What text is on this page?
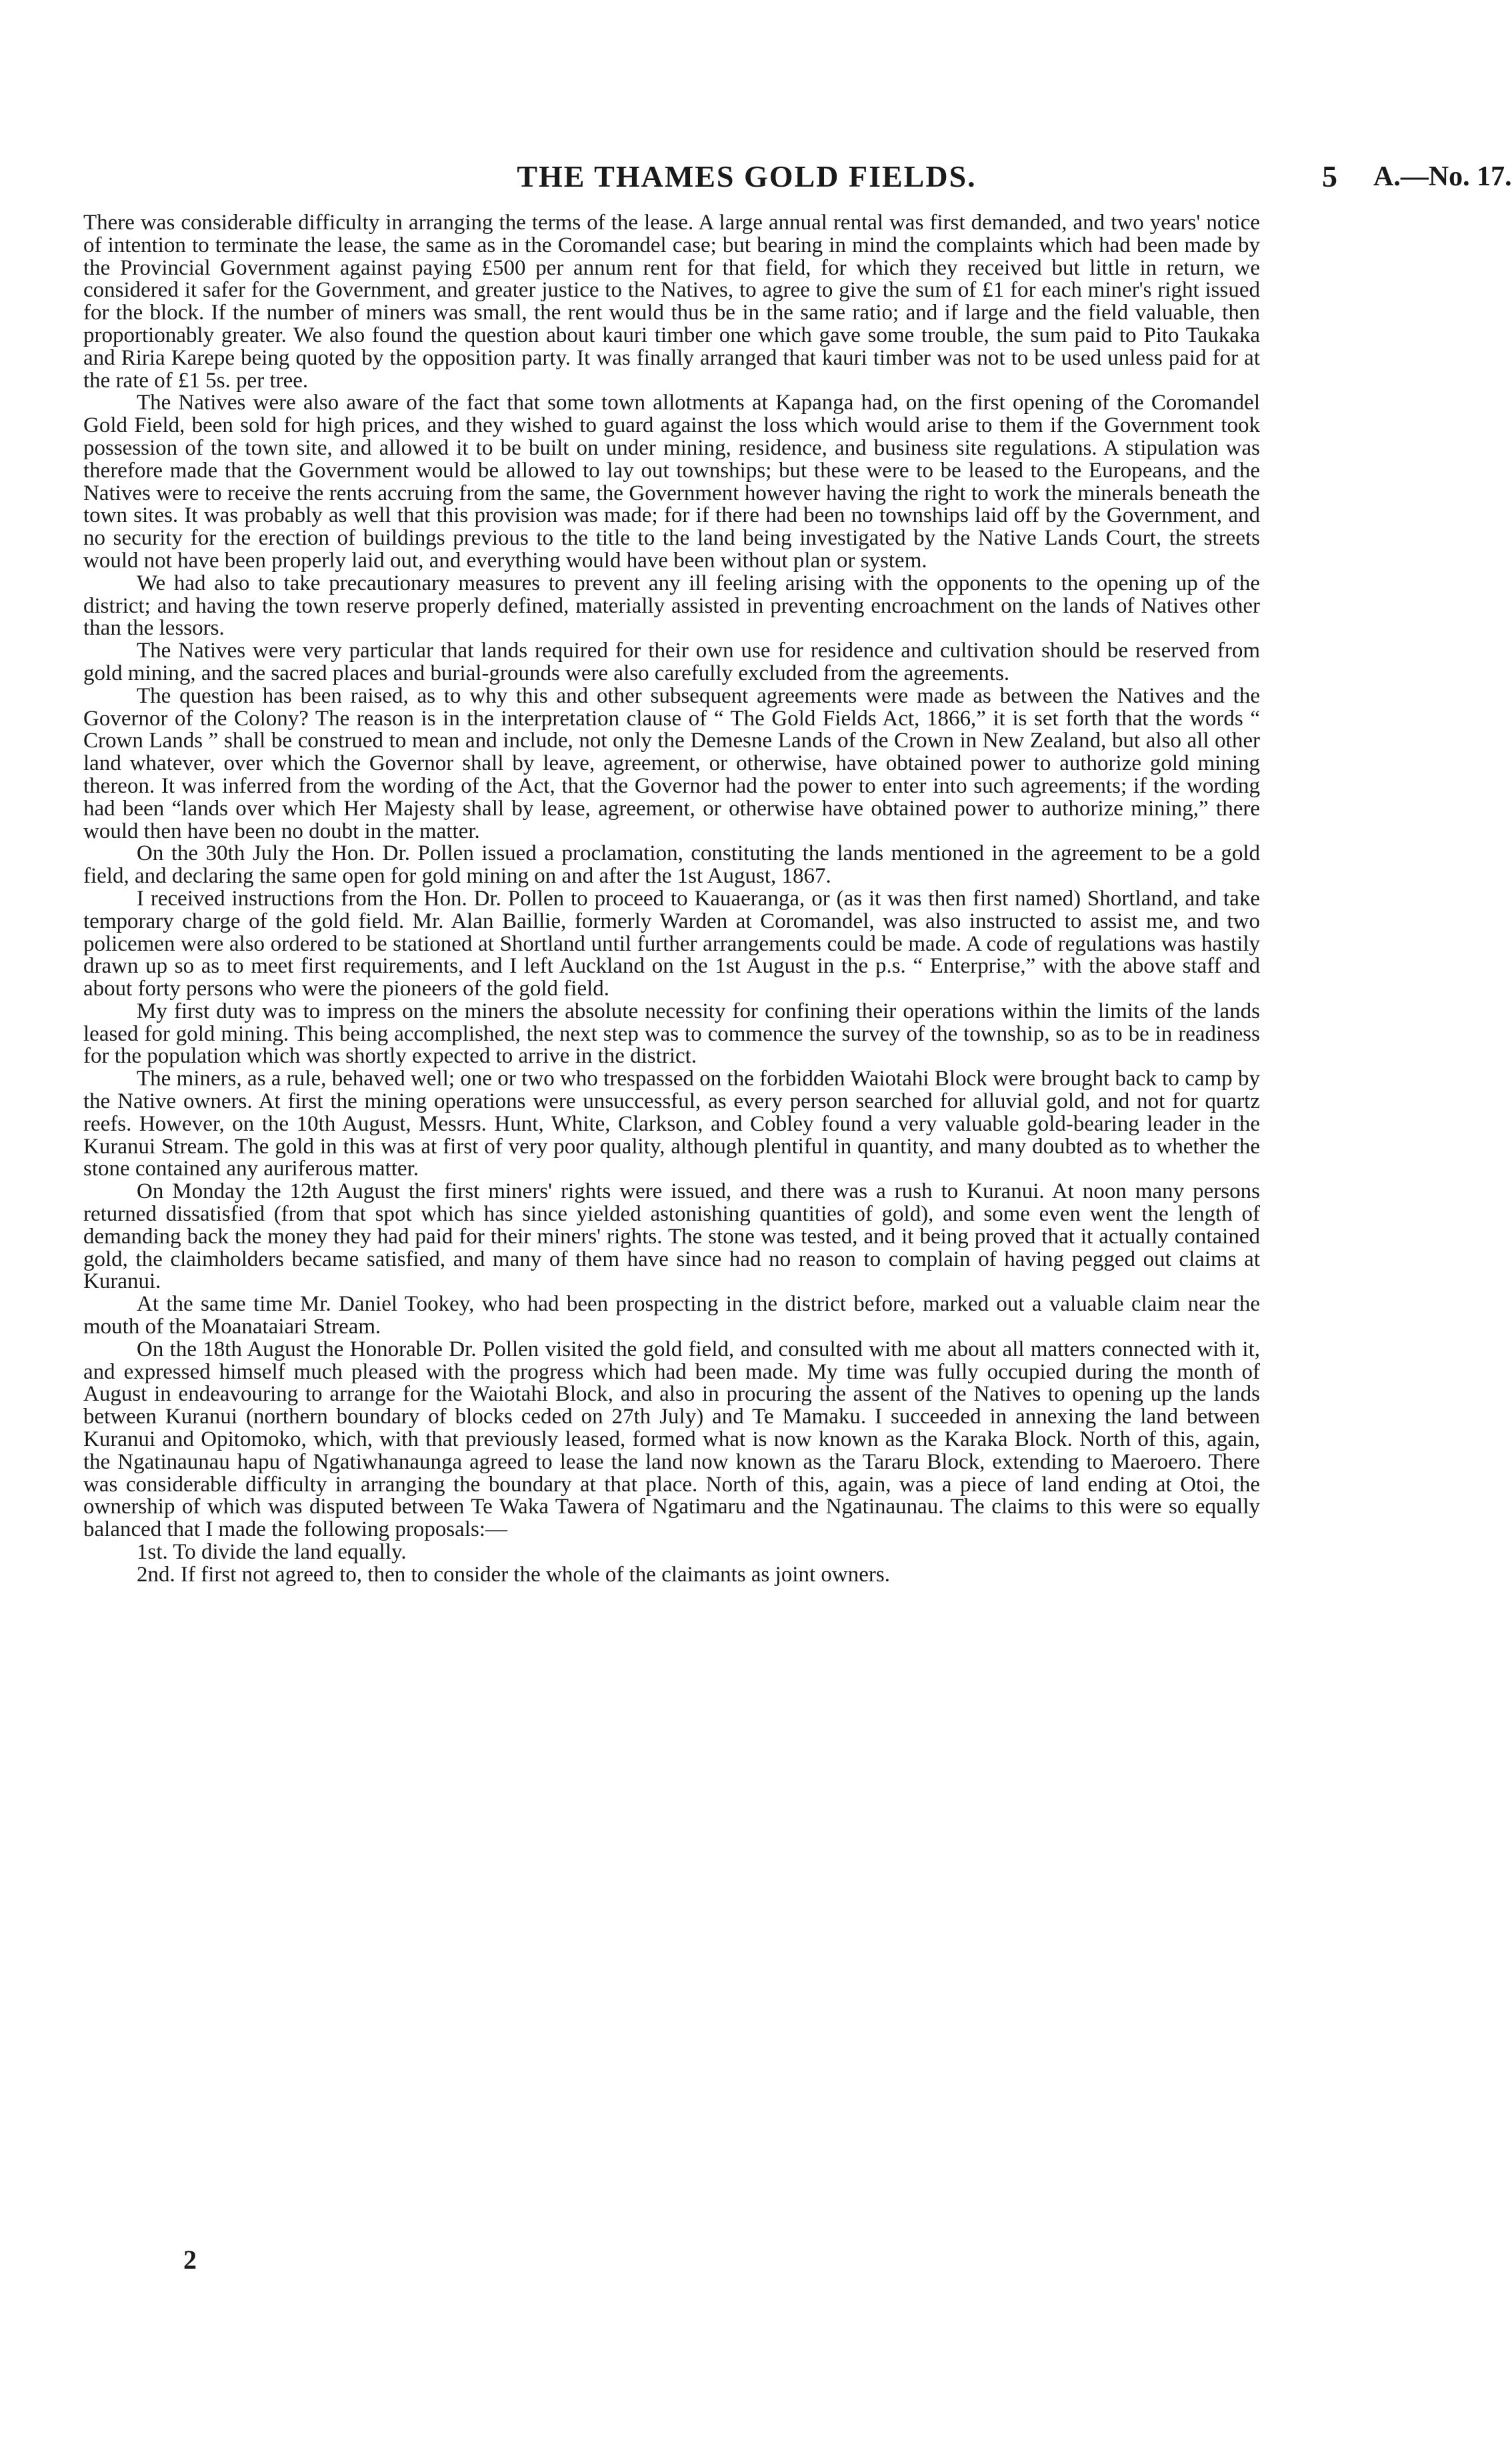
THE THAMES GOLD FIELDS.	5 A.—No. 17.

There was considerable difficulty in arranging the terms of the lease. A large annual rental was first demanded, and two years' notice of intention to terminate the lease, the same as in the Coromandel case; but bearing in mind the complaints which had been made by the Provincial Government against paying £500 per annum rent for that field, for which they received but little in return, we considered it safer for the Government, and greater justice to the Natives, to agree to give the sum of £1 for each miner's right issued for the block. If the number of miners was small, the rent would thus be in the same ratio; and if large and the field valuable, then proportionably greater. We also found the question about kauri timber one which gave some trouble, the sum paid to Pito Taukaka and Riria Karepe being quoted by the opposition party. It was finally arranged that kauri timber was not to be used unless paid for at the rate of £1 5s. per tree.

The Natives were also aware of the fact that some town allotments at Kapanga had, on the first opening of the Coromandel Gold Field, been sold for high prices, and they wished to guard against the loss which would arise to them if the Government took possession of the town site, and allowed it to be built on under mining, residence, and business site regulations. A stipulation was therefore made that the Government would be allowed to lay out townships; but these were to be leased to the Europeans, and the Natives were to receive the rents accruing from the same, the Government however having the right to work the minerals beneath the town sites. It was probably as well that this provision was made; for if there had been no townships laid off by the Government, and no security for the erection of buildings previous to the title to the land being investigated by the Native Lands Court, the streets would not have been properly laid out, and everything would have been without plan or system.

We had also to take precautionary measures to prevent any ill feeling arising with the opponents to the opening up of the district; and having the town reserve properly defined, materially assisted in preventing encroachment on the lands of Natives other than the lessors.

The Natives were very particular that lands required for their own use for residence and cultivation should be reserved from gold mining, and the sacred places and burial-grounds were also carefully excluded from the agreements.

The question has been raised, as to why this and other subsequent agreements were made as between the Natives and the Governor of the Colony? The reason is in the interpretation clause of “ The Gold Fields Act, 1866,” it is set forth that the words “ Crown Lands ” shall be construed to mean and include, not only the Demesne Lands of the Crown in New Zealand, but also all other land whatever, over which the Governor shall by leave, agreement, or otherwise, have obtained power to authorize gold mining thereon. It was inferred from the wording of the Act, that the Governor had the power to enter into such agreements; if the wording had been “lands over which Her Majesty shall by lease, agreement, or otherwise have obtained power to authorize mining,” there would then have been no doubt in the matter.

On the 30th July the Hon. Dr. Pollen issued a proclamation, constituting the lands mentioned in the agreement to be a gold field, and declaring the same open for gold mining on and after the 1st August, 1867.

I received instructions from the Hon. Dr. Pollen to proceed to Kauaeranga, or (as it was then first named) Shortland, and take temporary charge of the gold field. Mr. Alan Baillie, formerly Warden at Coromandel, was also instructed to assist me, and two policemen were also ordered to be stationed at Shortland until further arrangements could be made. A code of regulations was hastily drawn up so as to meet first requirements, and I left Auckland on the 1st August in the p.s. “ Enterprise,” with the above staff and about forty persons who were the pioneers of the gold field.

My first duty was to impress on the miners the absolute necessity for confining their operations within the limits of the lands leased for gold mining. This being accomplished, the next step was to commence the survey of the township, so as to be in readiness for the population which was shortly expected to arrive in the district.

The miners, as a rule, behaved well; one or two who trespassed on the forbidden Waiotahi Block were brought back to camp by the Native owners. At first the mining operations were unsuccessful, as every person searched for alluvial gold, and not for quartz reefs. However, on the 10th August, Messrs. Hunt, White, Clarkson, and Cobley found a very valuable gold-bearing leader in the Kuranui Stream. The gold in this was at first of very poor quality, although plentiful in quantity, and many doubted as to whether the stone contained any auriferous matter.

On Monday the 12th August the first miners' rights were issued, and there was a rush to Kuranui. At noon many persons returned dissatisfied (from that spot which has since yielded astonishing quantities of gold), and some even went the length of demanding back the money they had paid for their miners' rights. The stone was tested, and it being proved that it actually contained gold, the claimholders became satisfied, and many of them have since had no reason to complain of having pegged out claims at Kuranui.

At the same time Mr. Daniel Tookey, who had been prospecting in the district before, marked out a valuable claim near the mouth of the Moanataiari Stream.

On the 18th August the Honorable Dr. Pollen visited the gold field, and consulted with me about all matters connected with it, and expressed himself much pleased with the progress which had been made. My time was fully occupied during the month of August in endeavouring to arrange for the Waiotahi Block, and also in procuring the assent of the Natives to opening up the lands between Kuranui (northern boundary of blocks ceded on 27th July) and Te Mamaku. I succeeded in annexing the land between Kuranui and Opitomoko, which, with that previously leased, formed what is now known as the Karaka Block. North of this, again, the Ngatinaunau hapu of Ngatiwhanaunga agreed to lease the land now known as the Tararu Block, extending to Maeroero. There was considerable difficulty in arranging the boundary at that place. North of this, again, was a piece of land ending at Otoi, the ownership of which was disputed between Te Waka Tawera of Ngatimaru and the Ngatinaunau. The claims to this were so equally balanced that I made the following proposals:—

1st. To divide the land equally.

2nd. If first not agreed to, then to consider the whole of the claimants as joint owners.

2
